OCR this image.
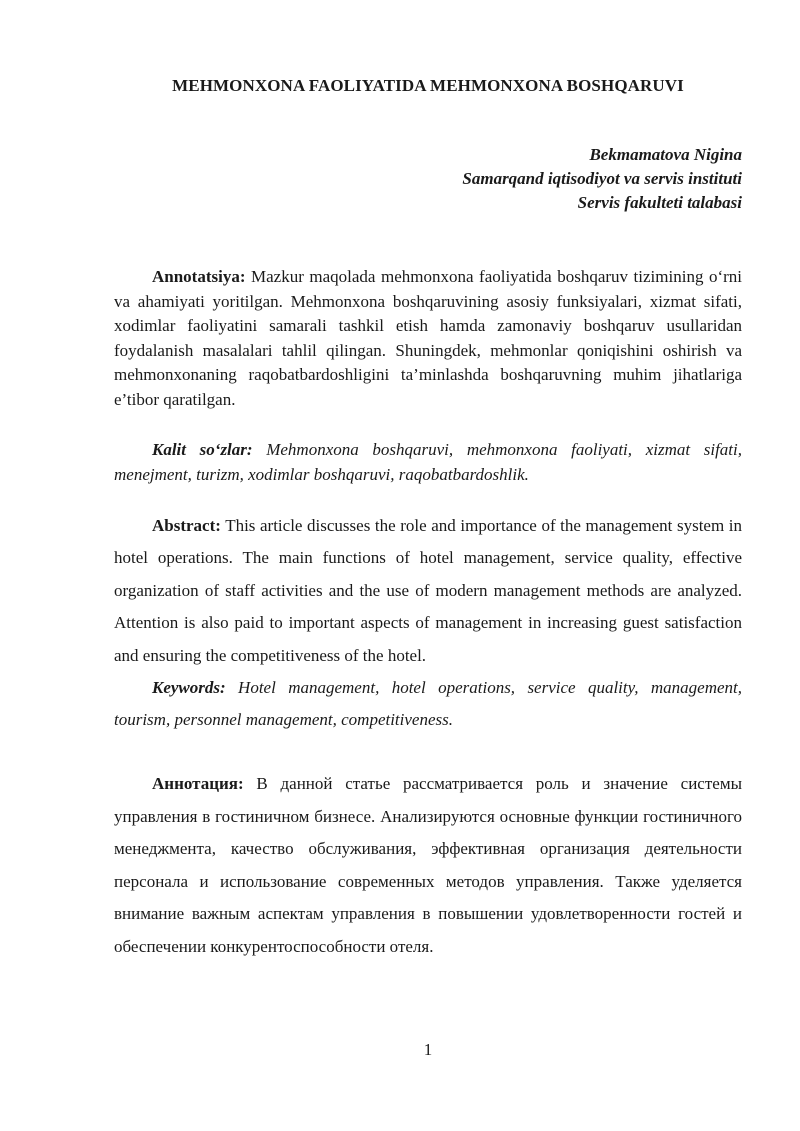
MEHMONXONA FAOLIYATIDA MEHMONXONA BOSHQARUVI
Bekmamatova Nigina
Samarqand iqtisodiyot va servis instituti
Servis fakulteti talabasi

Annotatsiya: Mazkur maqolada mehmonxona faoliyatida boshqaruv tizimining o‘rni va ahamiyati yoritilgan. Mehmonxona boshqaruvining asosiy funksiyalari, xizmat sifati, xodimlar faoliyatini samarali tashkil etish hamda zamonaviy boshqaruv usullaridan foydalanish masalalari tahlil qilingan. Shuningdek, mehmonlar qoniqishini oshirish va mehmonxonaning raqobatbardoshligini ta’minlashda boshqaruvning muhim jihatlariga e’tibor qaratilgan.

Kalit so‘zlar: Mehmonxona boshqaruvi, mehmonxona faoliyati, xizmat sifati, menejment, turizm, xodimlar boshqaruvi, raqobatbardoshlik.

Abstract: This article discusses the role and importance of the management system in hotel operations. The main functions of hotel management, service quality, effective organization of staff activities and the use of modern management methods are analyzed. Attention is also paid to important aspects of management in increasing guest satisfaction and ensuring the competitiveness of the hotel.

Keywords: Hotel management, hotel operations, service quality, management, tourism, personnel management, competitiveness.

Аннотация: В данной статье рассматривается роль и значение системы управления в гостиничном бизнесе. Анализируются основные функции гостиничного менеджмента, качество обслуживания, эффективная организация деятельности персонала и использование современных методов управления. Также уделяется внимание важным аспектам управления в повышении удовлетворенности гостей и обеспечении конкурентоспособности отеля.

1
